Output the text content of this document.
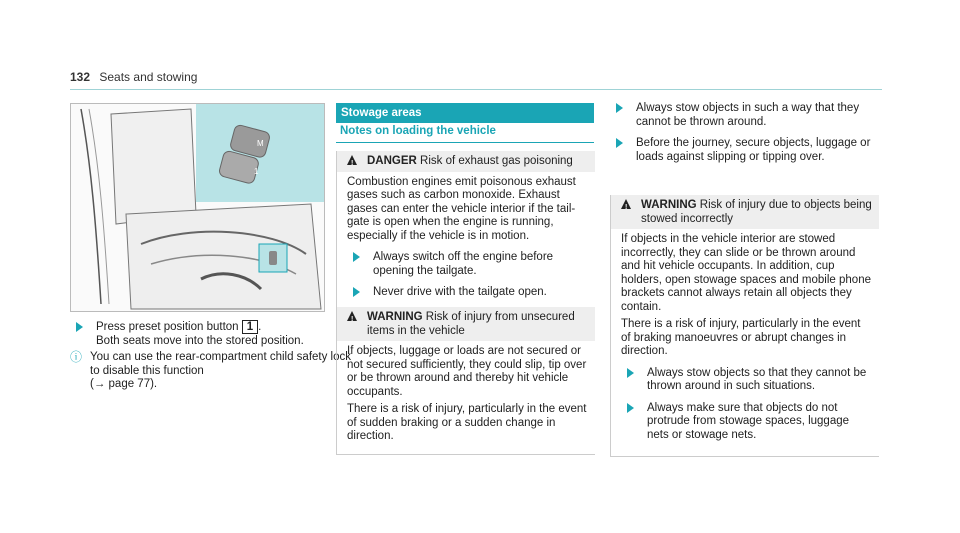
132 Seats and stowing
M
1
Press preset position button 1 .
Both seats move into the stored position.
ⓘ You can use the rear-compartment child safety lock to disable this function
(→ page 77).
Stowage areas
Notes on loading the vehicle
! DANGER Risk of exhaust gas poisoning

Combustion engines emit poisonous exhaust gases such as carbon monoxide. Exhaust gases can enter the vehicle interior if the tail-gate is open when the engine is running, especially if the vehicle is in motion.

Always switch off the engine before opening the tailgate.
Never drive with the tailgate open.
! WARNING Risk of injury from unsecured items in the vehicle

If objects, luggage or loads are not secured or not secured sufficiently, they could slip, tip over or be thrown around and thereby hit vehicle occupants.

There is a risk of injury, particularly in the event of sudden braking or a sudden change in direction.

Always stow objects in such a way that they cannot be thrown around.
Before the journey, secure objects, luggage or loads against slipping or tipping over.
! WARNING Risk of injury due to objects being stowed incorrectly

If objects in the vehicle interior are stowed incorrectly, they can slide or be thrown around and hit vehicle occupants. In addition, cup holders, open stowage spaces and mobile phone brackets cannot always retain all objects they contain.

There is a risk of injury, particularly in the event of braking manoeuvres or abrupt changes in direction.

Always stow objects so that they cannot be thrown around in such situations.
Always make sure that objects do not protrude from stowage spaces, luggage nets or stowage nets.
